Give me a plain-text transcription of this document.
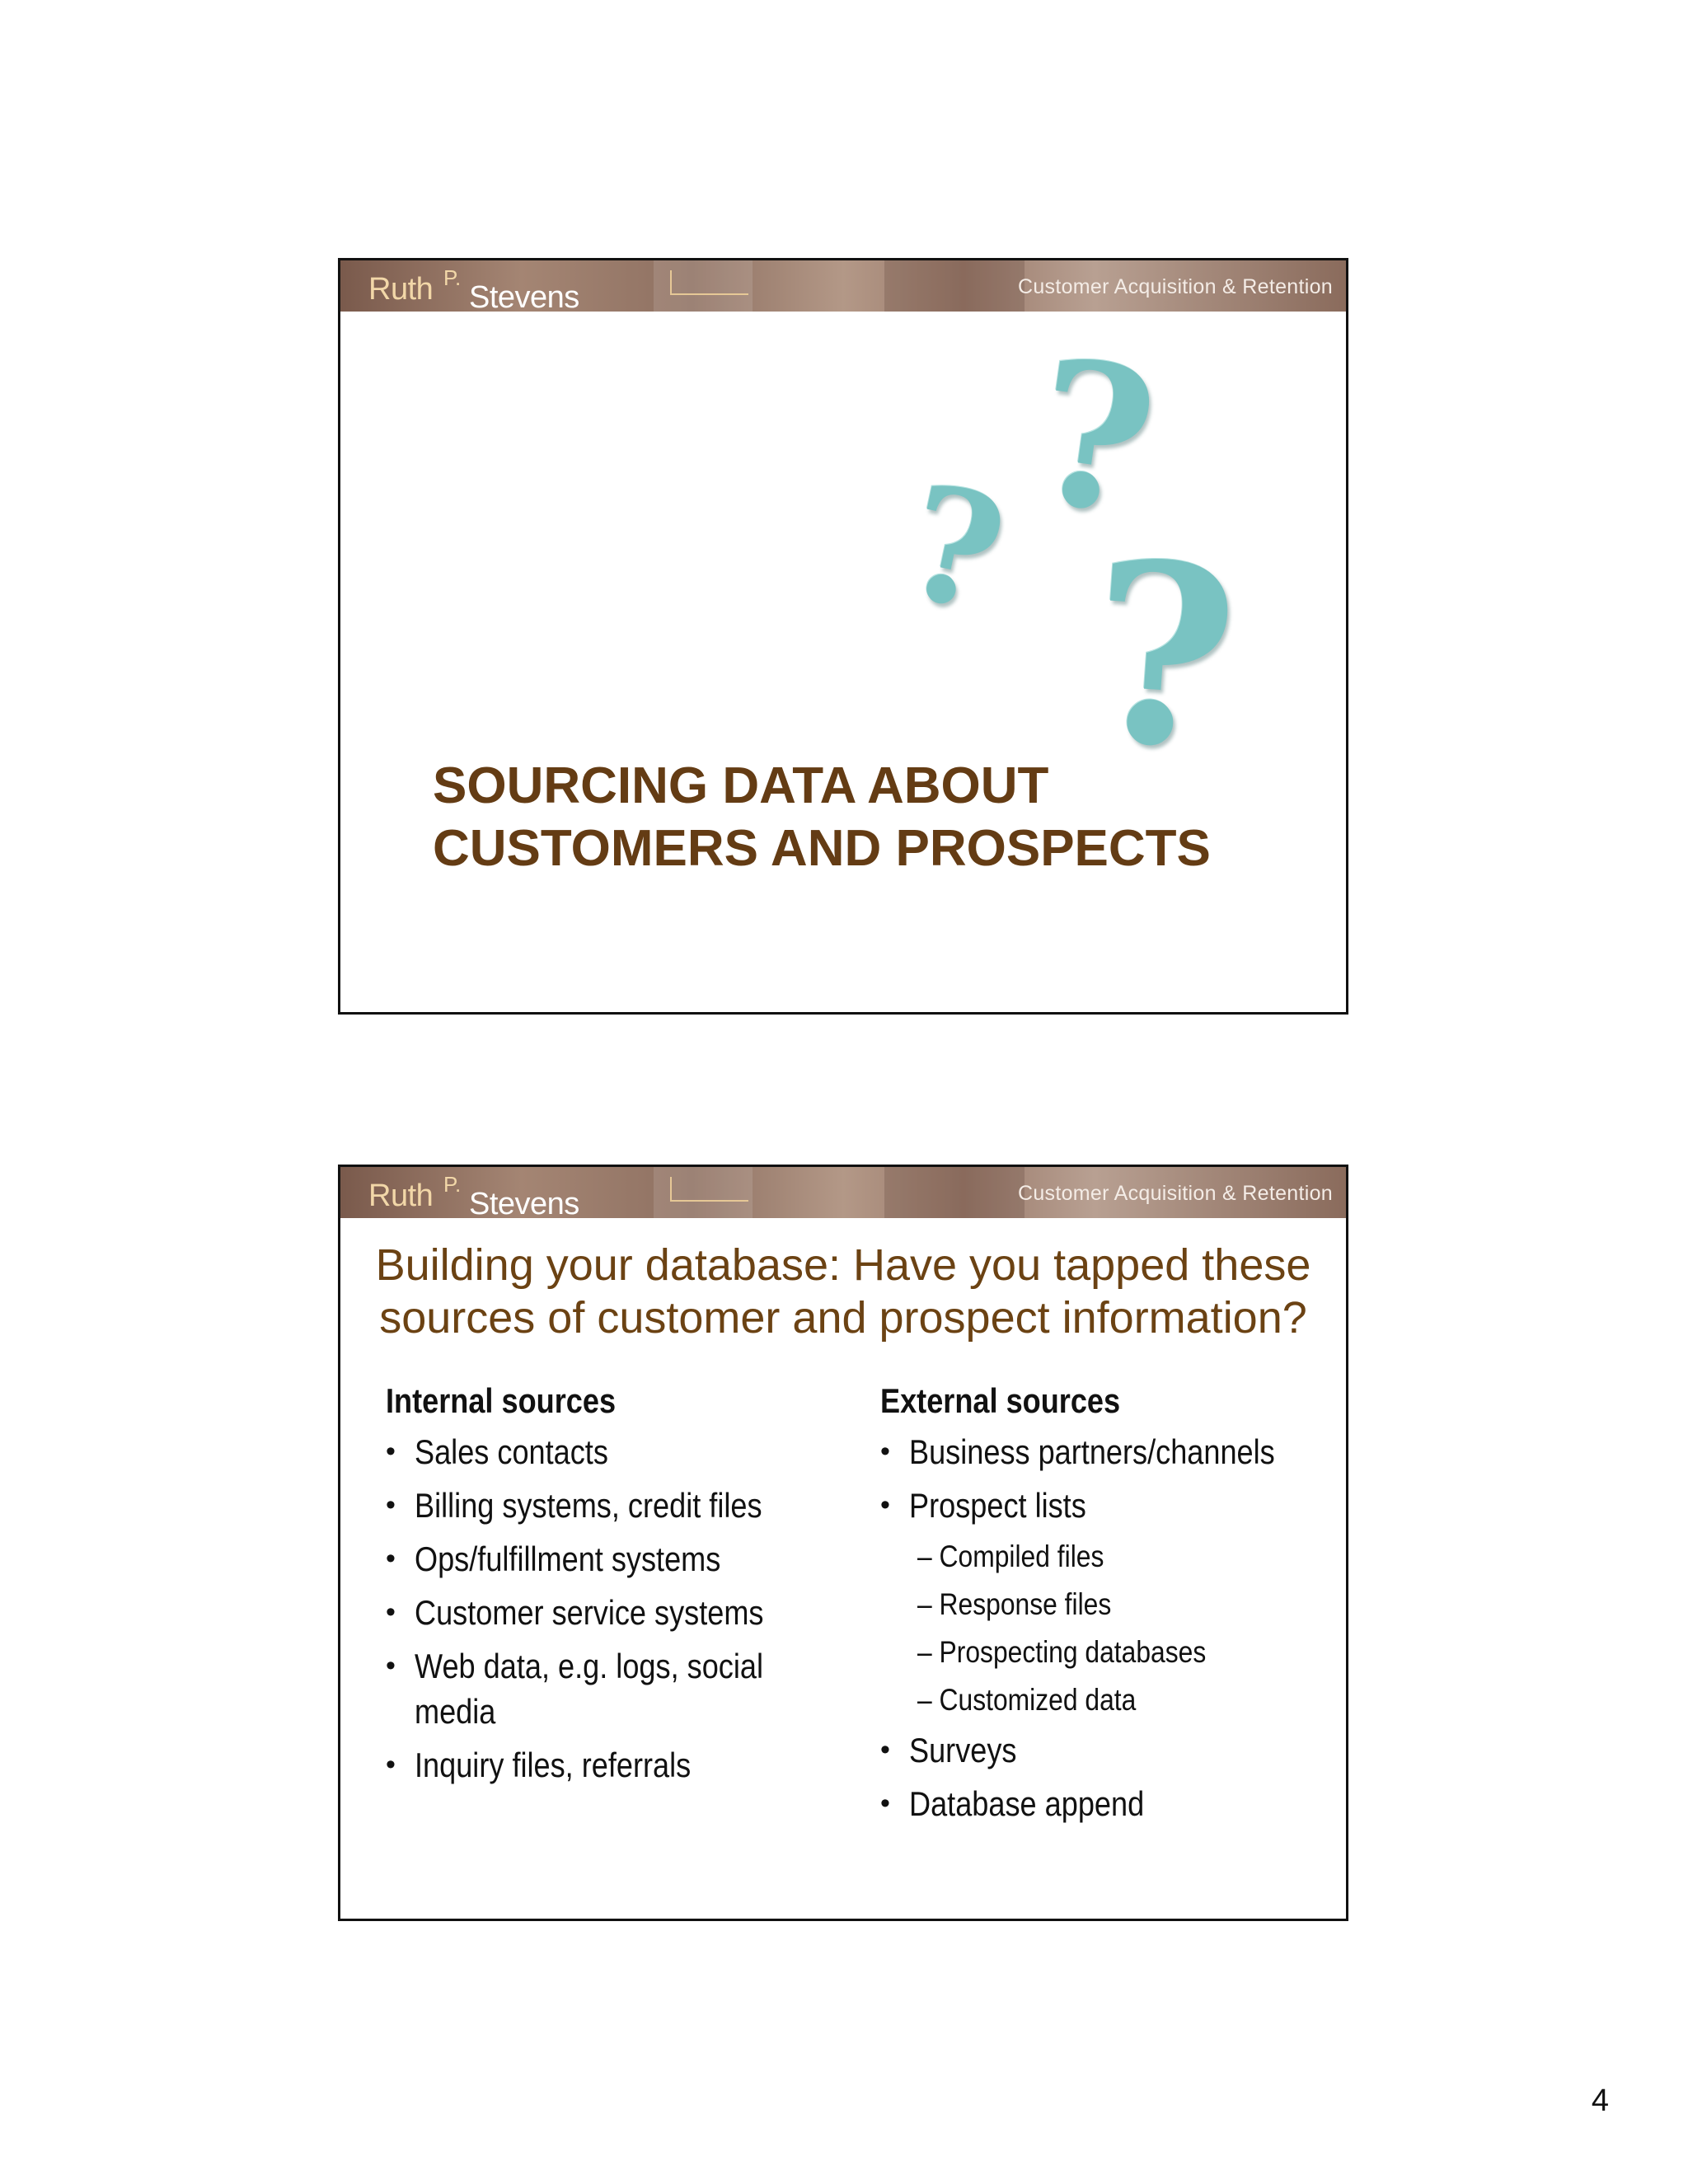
Ruth P.
Stevens	Customer Acquisition & Retention
?
? ?
SOURCING DATA ABOUT
CUSTOMERS AND PROSPECTS
Ruth P.
Stevens	Customer Acquisition & Retention
Building your database: Have you tapped these
sources of customer and prospect information?
Internal sources
• Sales contacts
• Billing systems, credit files
• Ops/fulfillment systems
• Customer service systems
• Web data, e.g. logs, social media
• Inquiry files, referrals
External sources
• Business partners/channels
• Prospect lists
– Compiled files
– Response files
– Prospecting databases
– Customized data
• Surveys
• Database append
4
